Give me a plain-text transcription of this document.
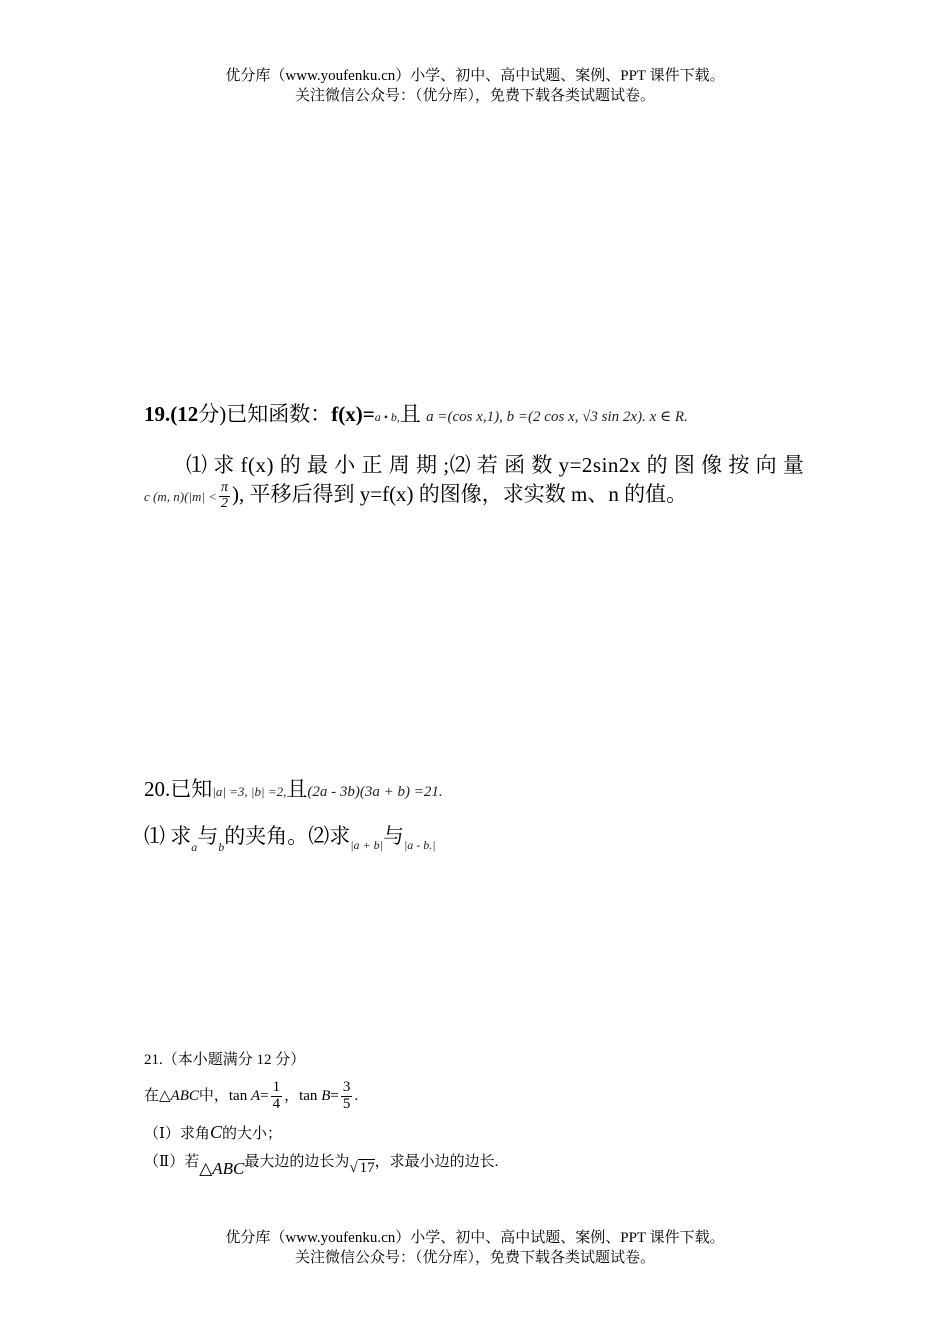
优分库（www.youfenku.cn）小学、初中、高中试题、案例、PPT 课件下载。
关注微信公众号：（优分库），免费下载各类试题试卷。
19.(12分)已知函数：f(x)=a • b,且 a =(cos x,1), b =(2 cos x, √3 sin 2x). x ∈ R.
⑴ 求 f(x) 的 最 小 正 周 期 ;⑵ 若 函 数 y=2sin2x 的 图 像 按 向 量
c (m, $n)(|m| < \frac{\pi}{2}$ ), 平移后得到 y=f(x) 的图像，求实数 m、n 的值。
20.已知|a| =3, |b| =2,且(2a - 3b)(3a + b) =21.
⑴ 求$_a$与$_b$的夹角。⑵求$_{|a + b|}$与$_{|a - b.|}$
21.（本小题满分 12 分）
在△ABC中，$\tan A= \frac{1}{4}$ ，$\tan B= \frac{3}{5}$ .
（Ⅰ）求角C的大小；
（Ⅱ）若△ABC最大边的边长为√ 17，求最小边的边长.
优分库（www.youfenku.cn）小学、初中、高中试题、案例、PPT 课件下载。
关注微信公众号：（优分库），免费下载各类试题试卷。
